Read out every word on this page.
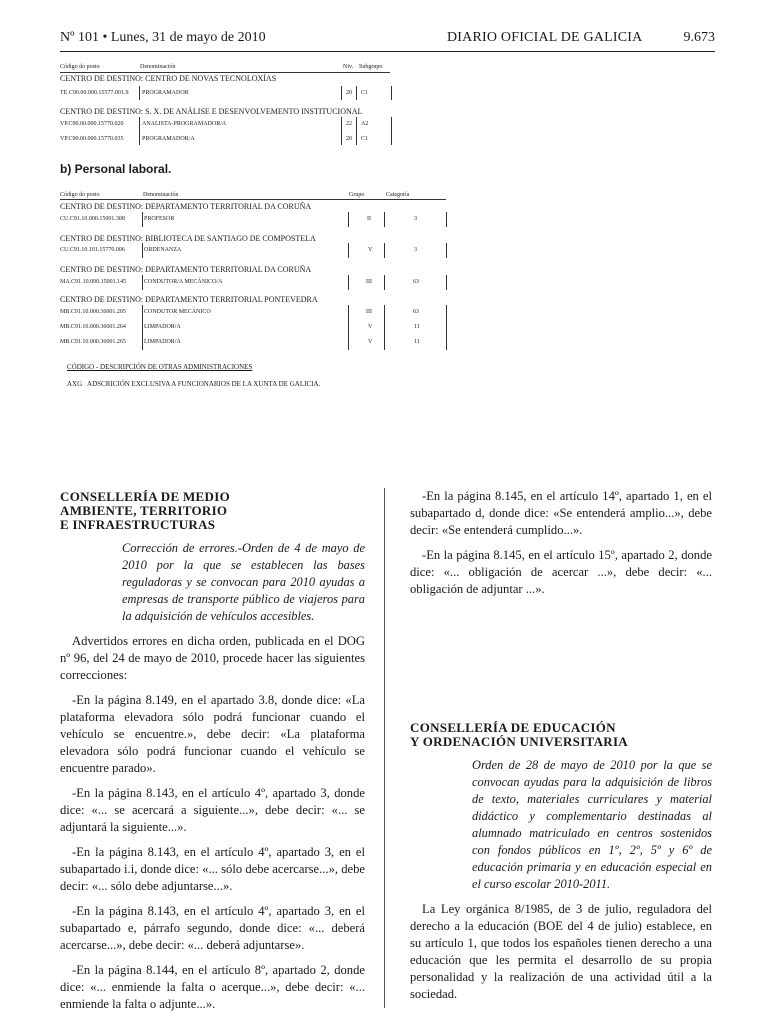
Nº 101 • Lunes, 31 de mayo de 2010	DIARIO OFICIAL DE GALICIA	9.673
Código do posto	Denominación	Niv. Subgrupo
CENTRO DE DESTINO: CENTRO DE NOVAS TECNOLOXÍAS
TE.C90.00.000.15577.001.S PROGRAMADOR	20 C1
CENTRO DE DESTINO: S. X. DE ANÁLISE E DESENVOLVEMENTO INSTITUCIONAL
VP.C90.00.000.15770.020	ANALISTA-PROGRAMADOR/A	22 A2
VP.C90.00.000.15770.035	PROGRAMADOR/A	20 C1
b) Personal laboral.
Código do posto	Denominación	Grupo	Categoría
CENTRO DE DESTINO: DEPARTAMENTO TERRITORIAL DA CORUÑA
CU.C91.10.000.15001.308	PROFESOR	II	3
CENTRO DE DESTINO: BIBLIOTECA DE SANTIAGO DE COMPOSTELA
CU.C91.10.101.15770.006	ORDENANZA	V	3
CENTRO DE DESTINO: DEPARTAMENTO TERRITORIAL DA CORUÑA
MA.C91.10.000.15001.145	CONDUTOR/A MECÁNICO/A	III	63
CENTRO DE DESTINO: DEPARTAMENTO TERRITORIAL PONTEVEDRA
MB.C91.10.000.36001.205	CONDUTOR MECÁNICO	III	63
MB.C91.10.000.36001.264	LIMPADOR/A	V	11
MB.C91.10.000.36001.265	LIMPADOR/A	V	11
CÓDIGO - DESCRIPCIÓN DE OTRAS ADMINISTRACIONES
AXG   ADSCRICIÓN EXCLUSIVA A FUNCIONARIOS DE LA XUNTA DE GALICIA.
CONSELLERÍA DE MEDIO
AMBIENTE, TERRITORIO
E INFRAESTRUCTURAS
Corrección de errores.-Orden de 4 de mayo de 2010 por la que se establecen las bases reguladoras y se convocan para 2010 ayudas a empresas de transporte público de viajeros para la adquisición de vehículos accesibles.

Advertidos errores en dicha orden, publicada en el DOG nº 96, del 24 de mayo de 2010, procede hacer las siguientes correcciones:

-En la página 8.149, en el apartado 3.8, donde dice: «La plataforma elevadora sólo podrá funcionar cuando el vehículo se encuentre.», debe decir: «La plataforma elevadora sólo podrá funcionar cuando el vehículo se encuentre parado».

-En la página 8.143, en el artículo 4º, apartado 3, donde dice: «... se acercará a siguiente...», debe decir: «... se adjuntará la siguiente...».

-En la página 8.143, en el artículo 4º, apartado 3, en el subapartado i.i, donde dice: «... sólo debe acercarse...», debe decir: «... sólo debe adjuntarse...».

-En la página 8.143, en el artículo 4º, apartado 3, en el subapartado e, párrafo segundo, donde dice: «... deberá acercarse...», debe decir: «... deberá adjuntarse».

-En la página 8.144, en el artículo 8º, apartado 2, donde dice: «... enmiende la falta o acerque...», debe decir: «... enmiende la falta o adjunte...».

-En la página 8.145, en el artículo 14º, apartado 1, en el subapartado d, donde dice: «Se entenderá amplio...», debe decir: «Se entenderá cumplido...».

-En la página 8.145, en el artículo 15º, apartado 2, donde dice: «... obligación de acercar ...», debe decir: «... obligación de adjuntar ...».

CONSELLERÍA DE EDUCACIÓN
Y ORDENACIÓN UNIVERSITARIA
Orden de 28 de mayo de 2010 por la que se convocan ayudas para la adquisición de libros de texto, materiales curriculares y material didáctico y complementario destinadas al alumnado matriculado en centros sostenidos con fondos públicos en 1º, 2º, 5º y 6º de educación primaria y en educación especial en el curso escolar 2010-2011.

La Ley orgánica 8/1985, de 3 de julio, reguladora del derecho a la educación (BOE del 4 de julio) establece, en su artículo 1, que todos los españoles tienen derecho a una educación que les permita el desarrollo de su propia personalidad y la realización de una actividad útil a la sociedad.
